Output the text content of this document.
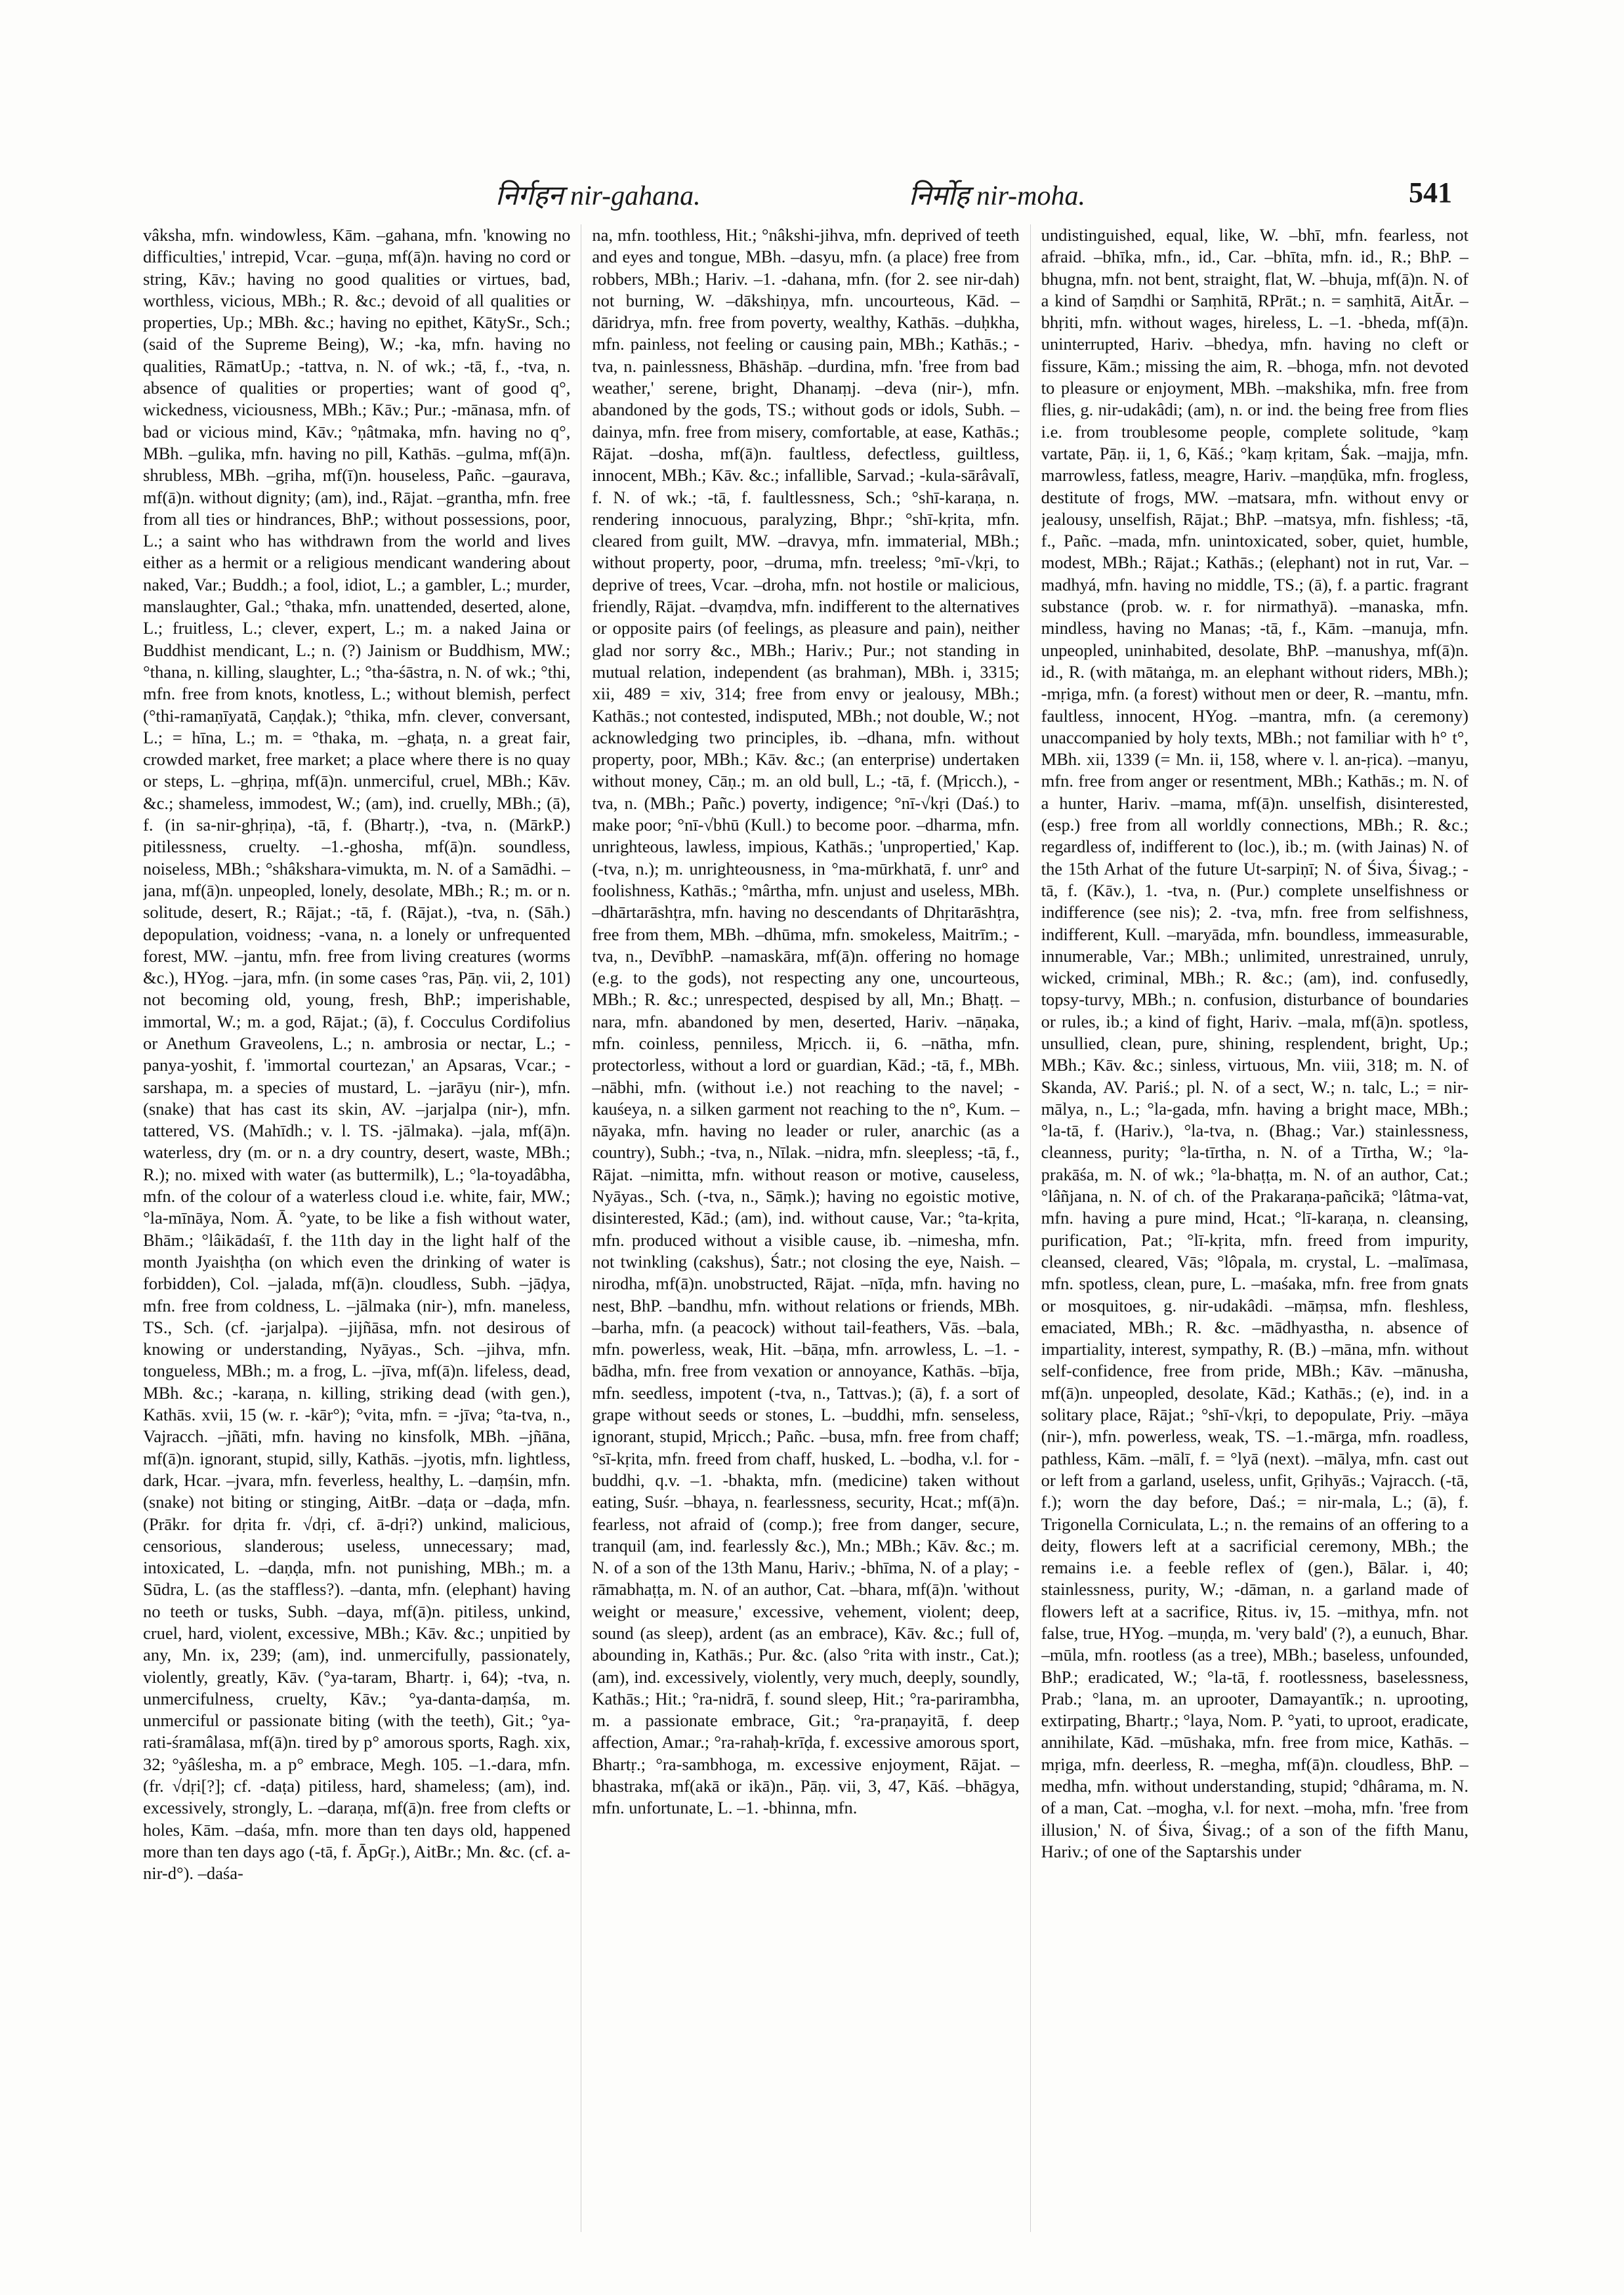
निर्गहन nir-gahana.	निर्मोह nir-moha.	541
vâksha, mfn. windowless, Kām. –gahana, mfn. 'knowing no difficulties,' intrepid, Vcar. –guṇa, mf(ā)n. having no cord or string, Kāv.; having no good qualities or virtues, bad, worthless, vicious, MBh.; R. &c.; devoid of all qualities or properties, Up.; MBh. &c.; having no epithet, KātySr., Sch.; (said of the Supreme Being), W.; -ka, mfn. having no qualities, RāmatUp.; -tattva, n. N. of wk.; -tā, f., -tva, n. absence of qualities or properties; want of good q°, wickedness, viciousness, MBh.; Kāv.; Pur.; -mānasa, mfn. of bad or vicious mind, Kāv.; °ṇâtmaka, mfn. having no q°, MBh. –gulika, mfn. having no pill, Kathās. –gulma, mf(ā)n. shrubless, MBh. –gṛiha, mf(ī)n. houseless, Pañc. –gaurava, mf(ā)n. without dignity; (am), ind., Rājat. –grantha, mfn. free from all ties or hindrances, BhP.; without possessions, poor, L.; a saint who has withdrawn from the world and lives either as a hermit or a religious mendicant wandering about naked, Var.; Buddh.; a fool, idiot, L.; a gambler, L.; murder, manslaughter, Gal.; °thaka, mfn. unattended, deserted, alone, L.; fruitless, L.; clever, expert, L.; m. a naked Jaina or Buddhist mendicant, L.; n. (?) Jainism or Buddhism, MW.; °thana, n. killing, slaughter, L.; °tha-śāstra, n. N. of wk.; °thi, mfn. free from knots, knotless, L.; without blemish, perfect (°thi-ramaṇīyatā, Caṇḍak.); °thika, mfn. clever, conversant, L.; = hīna, L.; m. = °thaka, m. –ghaṭa, n. a great fair, crowded market, free market; a place where there is no quay or steps, L. –ghṛiṇa, mf(ā)n. unmerciful, cruel, MBh.; Kāv. &c.; shameless, immodest, W.; (am), ind. cruelly, MBh.; (ā), f. (in sa-nir-ghṛiṇa), -tā, f. (Bhartṛ.), -tva, n. (MārkP.) pitilessness, cruelty. –1.-ghosha, mf(ā)n. soundless, noiseless, MBh.; °shâkshara-vimukta, m. N. of a Samādhi. –jana, mf(ā)n. unpeopled, lonely, desolate, MBh.; R.; m. or n. solitude, desert, R.; Rājat.; -tā, f. (Rājat.), -tva, n. (Sāh.) depopulation, voidness; -vana, n. a lonely or unfrequented forest, MW. –jantu, mfn. free from living creatures (worms &c.), HYog. –jara, mfn. (in some cases °ras, Pāṇ. vii, 2, 101) not becoming old, young, fresh, BhP.; imperishable, immortal, W.; m. a god, Rājat.; (ā), f. Cocculus Cordifolius or Anethum Graveolens, L.; n. ambrosia or nectar, L.; -panya-yoshit, f. 'immortal courtezan,' an Apsaras, Vcar.; -sarshapa, m. a species of mustard, L. –jarāyu (nir-), mfn. (snake) that has cast its skin, AV. –jarjalpa (nir-), mfn. tattered, VS. (Mahīdh.; v. l. TS. -jālmaka). –jala, mf(ā)n. waterless, dry (m. or n. a dry country, desert, waste, MBh.; R.); no. mixed with water (as buttermilk), L.; °la-toyadâbha, mfn. of the colour of a waterless cloud i.e. white, fair, MW.; °la-mīnāya, Nom. Ā. °yate, to be like a fish without water, Bhām.; °lâikādaśī, f. the 11th day in the light half of the month Jyaishṭha (on which even the drinking of water is forbidden), Col. –jalada, mf(ā)n. cloudless, Subh. –jāḍya, mfn. free from coldness, L. –jālmaka (nir-), mfn. maneless, TS., Sch. (cf. -jarjalpa). –jijñāsa, mfn. not desirous of knowing or understanding, Nyāyas., Sch. –jihva, mfn. tongueless, MBh.; m. a frog, L. –jīva, mf(ā)n. lifeless, dead, MBh. &c.; -karaṇa, n. killing, striking dead (with gen.), Kathās. xvii, 15 (w. r. -kār°); °vita, mfn. = -jīva; °ta-tva, n., Vajracch. –jñāti, mfn. having no kinsfolk, MBh. –jñāna, mf(ā)n. ignorant, stupid, silly, Kathās. –jyotis, mfn. lightless, dark, Hcar. –jvara, mfn. feverless, healthy, L. –daṃśin, mfn. (snake) not biting or stinging, AitBr. –daṭa or –daḍa, mfn. (Prākr. for dṛita fr. √dṛi, cf. ā-dṛi?) unkind, malicious, censorious, slanderous; useless, unnecessary; mad, intoxicated, L. –daṇḍa, mfn. not punishing, MBh.; m. a Sūdra, L. (as the staffless?). –danta, mfn. (elephant) having no teeth or tusks, Subh. –daya, mf(ā)n. pitiless, unkind, cruel, hard, violent, excessive, MBh.; Kāv. &c.; unpitied by any, Mn. ix, 239; (am), ind. unmercifully, passionately, violently, greatly, Kāv. (°ya-taram, Bhartṛ. i, 64); -tva, n. unmercifulness, cruelty, Kāv.; °ya-danta-daṃśa, m. unmerciful or passionate biting (with the teeth), Git.; °ya-rati-śramâlasa, mf(ā)n. tired by p° amorous sports, Ragh. xix, 32; °yâślesha, m. a p° embrace, Megh. 105. –1.-dara, mfn. (fr. √dṛi[?]; cf. -daṭa) pitiless, hard, shameless; (am), ind. excessively, strongly, L. –daraṇa, mf(ā)n. free from clefts or holes, Kām. –daśa, mfn. more than ten days old, happened more than ten days ago (-tā, f. ĀpGṛ.), AitBr.; Mn. &c. (cf. a-nir-d°). –daśa-
na, mfn. toothless, Hit.; °nâkshi-jihva, mfn. deprived of teeth and eyes and tongue, MBh. –dasyu, mfn. (a place) free from robbers, MBh.; Hariv. –1. -dahana, mfn. (for 2. see nir-dah) not burning, W. –dākshiṇya, mfn. uncourteous, Kād. –dāridrya, mfn. free from poverty, wealthy, Kathās. –duḥkha, mfn. painless, not feeling or causing pain, MBh.; Kathās.; -tva, n. painlessness, Bhāshāp. –durdina, mfn. 'free from bad weather,' serene, bright, Dhanaṃj. –deva (nir-), mfn. abandoned by the gods, TS.; without gods or idols, Subh. –dainya, mfn. free from misery, comfortable, at ease, Kathās.; Rājat. –dosha, mf(ā)n. faultless, defectless, guiltless, innocent, MBh.; Kāv. &c.; infallible, Sarvad.; -kula-sārâvalī, f. N. of wk.; -tā, f. faultlessness, Sch.; °shī-karaṇa, n. rendering innocuous, paralyzing, Bhpr.; °shī-kṛita, mfn. cleared from guilt, MW. –dravya, mfn. immaterial, MBh.; without property, poor, –druma, mfn. treeless; °mī-√kṛi, to deprive of trees, Vcar. –droha, mfn. not hostile or malicious, friendly, Rājat. –dvaṃdva, mfn. indifferent to the alternatives or opposite pairs (of feelings, as pleasure and pain), neither glad nor sorry &c., MBh.; Hariv.; Pur.; not standing in mutual relation, independent (as brahman), MBh. i, 3315; xii, 489 = xiv, 314; free from envy or jealousy, MBh.; Kathās.; not contested, indisputed, MBh.; not double, W.; not acknowledging two principles, ib. –dhana, mfn. without property, poor, MBh.; Kāv. &c.; (an enterprise) undertaken without money, Cāṇ.; m. an old bull, L.; -tā, f. (Mṛicch.), -tva, n. (MBh.; Pañc.) poverty, indigence; °nī-√kṛi (Daś.) to make poor; °nī-√bhū (Kull.) to become poor. –dharma, mfn. unrighteous, lawless, impious, Kathās.; 'unpropertied,' Kap. (-tva, n.); m. unrighteousness, in °ma-mūrkhatā, f. unr° and foolishness, Kathās.; °mârtha, mfn. unjust and useless, MBh. –dhārtarāshṭra, mfn. having no descendants of Dhṛitarāshṭra, free from them, MBh. –dhūma, mfn. smokeless, Maitrīm.; -tva, n., DevībhP. –namaskāra, mf(ā)n. offering no homage (e.g. to the gods), not respecting any one, uncourteous, MBh.; R. &c.; unrespected, despised by all, Mn.; Bhaṭṭ. –nara, mfn. abandoned by men, deserted, Hariv. –nāṇaka, mfn. coinless, penniless, Mṛicch. ii, 6. –nātha, mfn. protectorless, without a lord or guardian, Kād.; -tā, f., MBh. –nābhi, mfn. (without i.e.) not reaching to the navel; -kauśeya, n. a silken garment not reaching to the n°, Kum. –nāyaka, mfn. having no leader or ruler, anarchic (as a country), Subh.; -tva, n., Nīlak. –nidra, mfn. sleepless; -tā, f., Rājat. –nimitta, mfn. without reason or motive, causeless, Nyāyas., Sch. (-tva, n., Sāṃk.); having no egoistic motive, disinterested, Kād.; (am), ind. without cause, Var.; °ta-kṛita, mfn. produced without a visible cause, ib. –nimesha, mfn. not twinkling (cakshus), Śatr.; not closing the eye, Naish. –nirodha, mf(ā)n. unobstructed, Rājat. –nīḍa, mfn. having no nest, BhP. –bandhu, mfn. without relations or friends, MBh. –barha, mfn. (a peacock) without tail-feathers, Vās. –bala, mfn. powerless, weak, Hit. –bāṇa, mfn. arrowless, L. –1. -bādha, mfn. free from vexation or annoyance, Kathās. –bīja, mfn. seedless, impotent (-tva, n., Tattvas.); (ā), f. a sort of grape without seeds or stones, L. –buddhi, mfn. senseless, ignorant, stupid, Mṛicch.; Pañc. –busa, mfn. free from chaff; °sī-kṛita, mfn. freed from chaff, husked, L. –bodha, v.l. for -buddhi, q.v. –1. -bhakta, mfn. (medicine) taken without eating, Suśr. –bhaya, n. fearlessness, security, Hcat.; mf(ā)n. fearless, not afraid of (comp.); free from danger, secure, tranquil (am, ind. fearlessly &c.), Mn.; MBh.; Kāv. &c.; m. N. of a son of the 13th Manu, Hariv.; -bhīma, N. of a play; -rāmabhaṭṭa, m. N. of an author, Cat. –bhara, mf(ā)n. 'without weight or measure,' excessive, vehement, violent; deep, sound (as sleep), ardent (as an embrace), Kāv. &c.; full of, abounding in, Kathās.; Pur. &c. (also °rita with instr., Cat.); (am), ind. excessively, violently, very much, deeply, soundly, Kathās.; Hit.; °ra-nidrā, f. sound sleep, Hit.; °ra-parirambha, m. a passionate embrace, Git.; °ra-praṇayitā, f. deep affection, Amar.; °ra-rahaḥ-krīḍa, f. excessive amorous sport, Bhartṛ.; °ra-sambhoga, m. excessive enjoyment, Rājat. –bhastraka, mf(akā or ikā)n., Pāṇ. vii, 3, 47, Kāś. –bhāgya, mfn. unfortunate, L. –1. -bhinna, mfn.
undistinguished, equal, like, W. –bhī, mfn. fearless, not afraid. –bhīka, mfn., id., Car. –bhīta, mfn. id., R.; BhP. –bhugna, mfn. not bent, straight, flat, W. –bhuja, mf(ā)n. N. of a kind of Saṃdhi or Saṃhitā, RPrāt.; n. = saṃhitā, AitĀr. –bhṛiti, mfn. without wages, hireless, L. –1. -bheda, mf(ā)n. uninterrupted, Hariv. –bhedya, mfn. having no cleft or fissure, Kām.; missing the aim, R. –bhoga, mfn. not devoted to pleasure or enjoyment, MBh. –makshika, mfn. free from flies, g. nir-udakâdi; (am), n. or ind. the being free from flies i.e. from troublesome people, complete solitude, °kaṃ vartate, Pāṇ. ii, 1, 6, Kāś.; °kaṃ kṛitam, Śak. –majja, mfn. marrowless, fatless, meagre, Hariv. –maṇḍūka, mfn. frogless, destitute of frogs, MW. –matsara, mfn. without envy or jealousy, unselfish, Rājat.; BhP. –matsya, mfn. fishless; -tā, f., Pañc. –mada, mfn. unintoxicated, sober, quiet, humble, modest, MBh.; Rājat.; Kathās.; (elephant) not in rut, Var. –madhyá, mfn. having no middle, TS.; (ā), f. a partic. fragrant substance (prob. w. r. for nirmathyā). –manaska, mfn. mindless, having no Manas; -tā, f., Kām. –manuja, mfn. unpeopled, uninhabited, desolate, BhP. –manushya, mf(ā)n. id., R. (with mātaṅga, m. an elephant without riders, MBh.); -mṛiga, mfn. (a forest) without men or deer, R. –mantu, mfn. faultless, innocent, HYog. –mantra, mfn. (a ceremony) unaccompanied by holy texts, MBh.; not familiar with h° t°, MBh. xii, 1339 (= Mn. ii, 158, where v. l. an-ṛica). –manyu, mfn. free from anger or resentment, MBh.; Kathās.; m. N. of a hunter, Hariv. –mama, mf(ā)n. unselfish, disinterested, (esp.) free from all worldly connections, MBh.; R. &c.; regardless of, indifferent to (loc.), ib.; m. (with Jainas) N. of the 15th Arhat of the future Ut-sarpiṇī; N. of Śiva, Śivag.; -tā, f. (Kāv.), 1. -tva, n. (Pur.) complete unselfishness or indifference (see nis); 2. -tva, mfn. free from selfishness, indifferent, Kull. –maryāda, mfn. boundless, immeasurable, innumerable, Var.; MBh.; unlimited, unrestrained, unruly, wicked, criminal, MBh.; R. &c.; (am), ind. confusedly, topsy-turvy, MBh.; n. confusion, disturbance of boundaries or rules, ib.; a kind of fight, Hariv. –mala, mf(ā)n. spotless, unsullied, clean, pure, shining, resplendent, bright, Up.; MBh.; Kāv. &c.; sinless, virtuous, Mn. viii, 318; m. N. of Skanda, AV. Pariś.; pl. N. of a sect, W.; n. talc, L.; = nir-mālya, n., L.; °la-gada, mfn. having a bright mace, MBh.; °la-tā, f. (Hariv.), °la-tva, n. (Bhag.; Var.) stainlessness, cleanness, purity; °la-tīrtha, n. N. of a Tīrtha, W.; °la-prakāśa, m. N. of wk.; °la-bhaṭṭa, m. N. of an author, Cat.; °lâñjana, n. N. of ch. of the Prakaraṇa-pañcikā; °lâtma-vat, mfn. having a pure mind, Hcat.; °lī-karaṇa, n. cleansing, purification, Pat.; °lī-kṛita, mfn. freed from impurity, cleansed, cleared, Vās; °lôpala, m. crystal, L. –malīmasa, mfn. spotless, clean, pure, L. –maśaka, mfn. free from gnats or mosquitoes, g. nir-udakâdi. –māṃsa, mfn. fleshless, emaciated, MBh.; R. &c. –mādhyastha, n. absence of impartiality, interest, sympathy, R. (B.) –māna, mfn. without self-confidence, free from pride, MBh.; Kāv. –mānusha, mf(ā)n. unpeopled, desolate, Kād.; Kathās.; (e), ind. in a solitary place, Rājat.; °shī-√kṛi, to depopulate, Priy. –māya (nir-), mfn. powerless, weak, TS. –1.-mārga, mfn. roadless, pathless, Kām. –mālī, f. = °lyā (next). –mālya, mfn. cast out or left from a garland, useless, unfit, Gṛihyās.; Vajracch. (-tā, f.); worn the day before, Daś.; = nir-mala, L.; (ā), f. Trigonella Corniculata, L.; n. the remains of an offering to a deity, flowers left at a sacrificial ceremony, MBh.; the remains i.e. a feeble reflex of (gen.), Bālar. i, 40; stainlessness, purity, W.; -dāman, n. a garland made of flowers left at a sacrifice, Ṛitus. iv, 15. –mithya, mfn. not false, true, HYog. –muṇḍa, m. 'very bald' (?), a eunuch, Bhar. –mūla, mfn. rootless (as a tree), MBh.; baseless, unfounded, BhP.; eradicated, W.; °la-tā, f. rootlessness, baselessness, Prab.; °lana, m. an uprooter, Damayantīk.; n. uprooting, extirpating, Bhartṛ.; °laya, Nom. P. °yati, to uproot, eradicate, annihilate, Kād. –mūshaka, mfn. free from mice, Kathās. –mṛiga, mfn. deerless, R. –megha, mf(ā)n. cloudless, BhP. –medha, mfn. without understanding, stupid; °dhârama, m. N. of a man, Cat. –mogha, v.l. for next. –moha, mfn. 'free from illusion,' N. of Śiva, Śivag.; of a son of the fifth Manu, Hariv.; of one of the Saptarshis under
